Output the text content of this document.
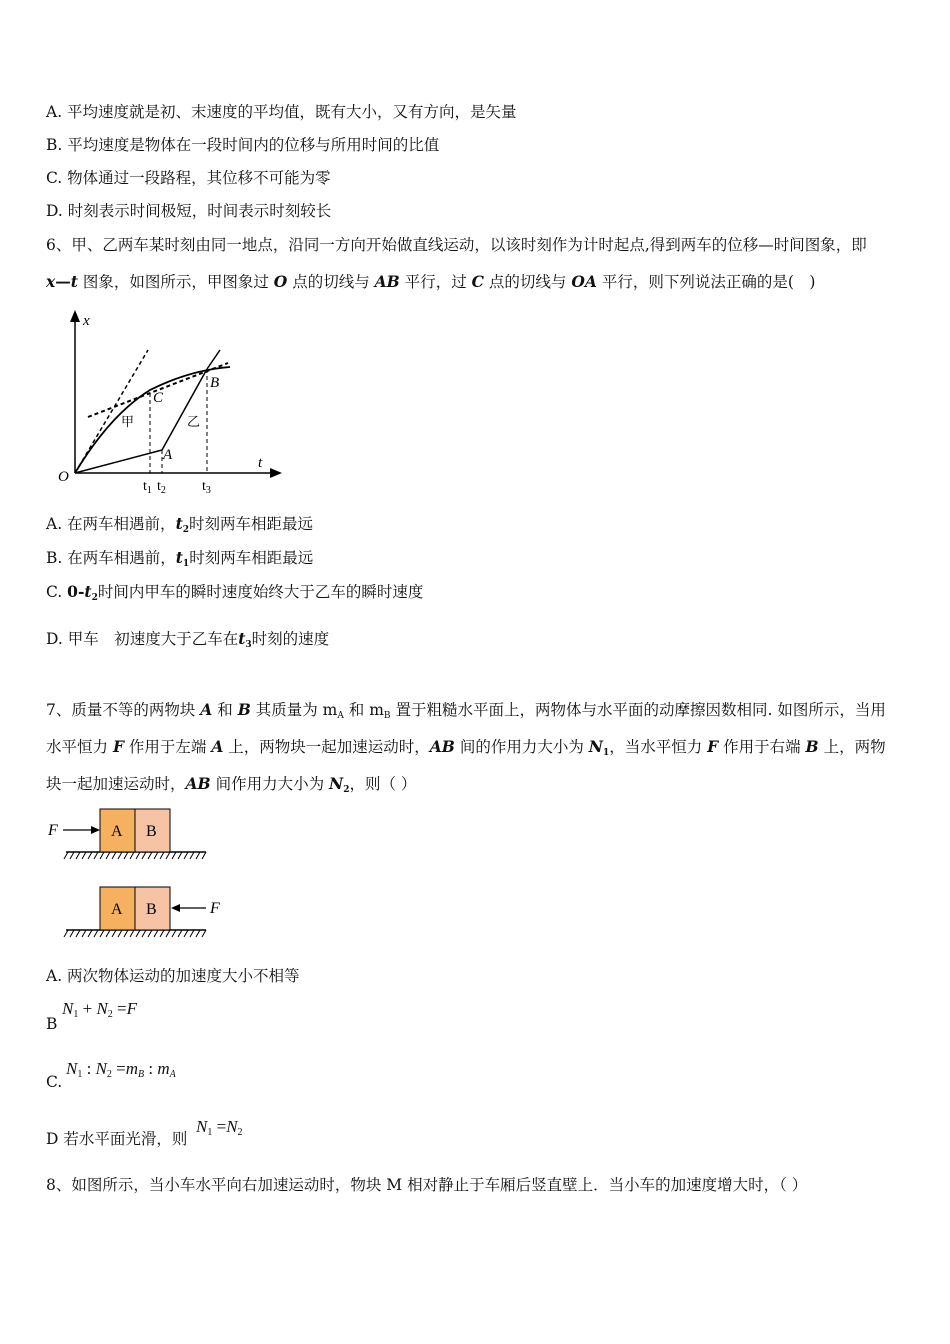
A. 平均速度就是初、末速度的平均值，既有大小，又有方向，是矢量
B. 平均速度是物体在一段时间内的位移与所用时间的比值
C. 物体通过一段路程，其位移不可能为零
D. 时刻表示时间极短，时间表示时刻较长
6、甲、乙两车某时刻由同一地点，沿同一方向开始做直线运动，以该时刻作为计时起点,得到两车的位移—时间图象，即
x—t 图象，如图所示，甲图象过 O 点的切线与 AB 平行，过 C 点的切线与 OA 平行，则下列说法正确的是(　)
x
t
O
A
B
C
甲	乙
$t_1$ $t_2$	$t_3$
A. 在两车相遇前，$t_2$时刻两车相距最远
B. 在两车相遇前，$t_1$时刻两车相距最远
C. $0-t_2$时间内甲车的瞬时速度始终大于乙车的瞬时速度
D. 甲车　初速度大于乙车在$t_3$时刻的速度
7、质量不等的两物块 A 和 B 其质量为 $m_A$ 和 $m_B$ 置于粗糙水平面上，两物体与水平面的动摩擦因数相同. 如图所示，当用
水平恒力 F 作用于左端 A 上，两物块一起加速运动时，AB 间的作用力大小为 $N_1$，当水平恒力 F 作用于右端 B 上，两物
块一起加速运动时，AB 间作用力大小为 $N_2$，则（ ）
A B
F
A B	F
A. 两次物体运动的加速度大小不相等
B
$N_1 + N_2 =F$
C.
$N_1$ : $N_2 =m_B$ : $m_A$
D 若水平面光滑，则
$N_1 =N_2$
8、如图所示，当小车水平向右加速运动时，物块 M 相对静止于车厢后竖直壁上．当小车的加速度增大时，（ ）
